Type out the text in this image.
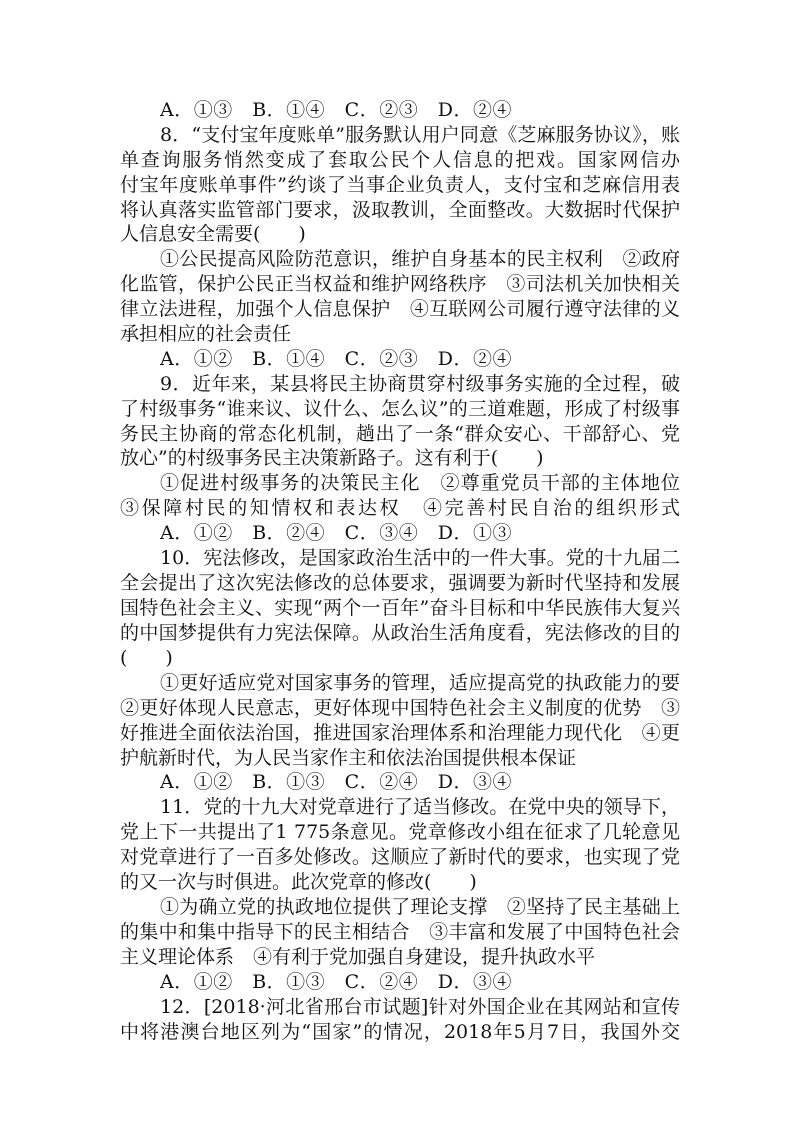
A．①③　B．①④　C．②③　D．②④
8．“支付宝年度账单”服务默认用户同意《芝麻服务协议》，账
单查询服务悄然变成了套取公民个人信息的把戏。国家网信办
付宝年度账单事件”约谈了当事企业负责人，支付宝和芝麻信用表
将认真落实监管部门要求，汲取教训，全面整改。大数据时代保护
人信息安全需要(　　)
①公民提高风险防范意识，维护自身基本的民主权利　②政府
化监管，保护公民正当权益和维护网络秩序　③司法机关加快相关
律立法进程，加强个人信息保护　④互联网公司履行遵守法律的义
承担相应的社会责任
A．①②　B．①④　C．②③　D．②④
9．近年来，某县将民主协商贯穿村级事务实施的全过程，破
了村级事务“谁来议、议什么、怎么议”的三道难题，形成了村级事
务民主协商的常态化机制，趟出了一条“群众安心、干部舒心、党
放心”的村级事务民主决策新路子。这有利于(　　)
①促进村级事务的决策民主化　②尊重党员干部的主体地位
③保障村民的知情权和表达权　④完善村民自治的组织形式
A．①②　B．②④　C．③④　D．①③
10．宪法修改，是国家政治生活中的一件大事。党的十九届二
全会提出了这次宪法修改的总体要求，强调要为新时代坚持和发展
国特色社会主义、实现“两个一百年”奋斗目标和中华民族伟大复兴
的中国梦提供有力宪法保障。从政治生活角度看，宪法修改的目的
(　　)
①更好适应党对国家事务的管理，适应提高党的执政能力的要
②更好体现人民意志，更好体现中国特色社会主义制度的优势　③
好推进全面依法治国，推进国家治理体系和治理能力现代化　④更
护航新时代，为人民当家作主和依法治国提供根本保证
A．①②　B．①③　C．②④　D．③④
11．党的十九大对党章进行了适当修改。在党中央的领导下，
党上下一共提出了1 775条意见。党章修改小组在征求了几轮意见
对党章进行了一百多处修改。这顺应了新时代的要求，也实现了党
的又一次与时俱进。此次党章的修改(　　)
①为确立党的执政地位提供了理论支撑　②坚持了民主基础上
的集中和集中指导下的民主相结合　③丰富和发展了中国特色社会
主义理论体系　④有利于党加强自身建设，提升执政水平
A．①②　B．①③　C．②④　D．③④
12．[2018·河北省邢台市试题]针对外国企业在其网站和宣传
中将港澳台地区列为“国家”的情况，2018年5月7日，我国外交
